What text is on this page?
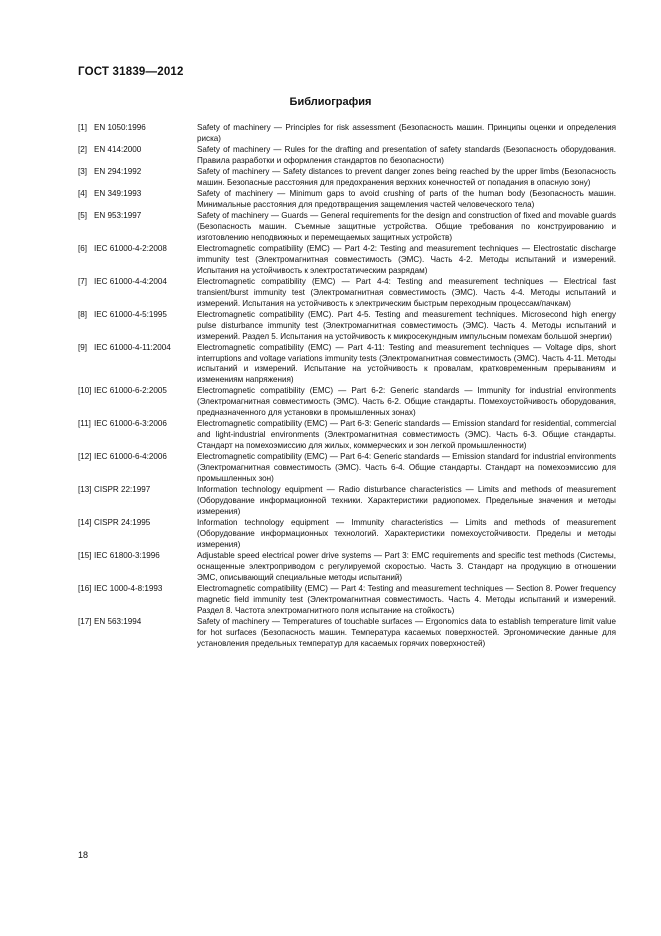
ГОСТ 31839—2012
Библиография
[1] EN 1050:1996	Safety of machinery — Principles for risk assessment (Безопасность машин. Принципы оценки и определения риска)
[2] EN 414:2000	Safety of machinery — Rules for the drafting and presentation of safety standards (Безопасность оборудования. Правила разработки и оформления стандартов по безопасности)
[3] EN 294:1992	Safety of machinery — Safety distances to prevent danger zones being reached by the upper limbs (Безопасность машин. Безопасные расстояния для предохранения верхних конечностей от попадания в опасную зону)
[4] EN 349:1993	Safety of machinery — Minimum gaps to avoid crushing of parts of the human body (Безопасность машин. Минимальные расстояния для предотвращения защемления частей человеческого тела)
[5] EN 953:1997	Safety of machinery — Guards — General requirements for the design and construction of fixed and movable guards (Безопасность машин. Съемные защитные устройства. Общие требования по конструированию и изготовлению неподвижных и перемещаемых защитных устройств)
[6] IEC 61000-4-2:2008	Electromagnetic compatibility (EMC) — Part 4-2: Testing and measurement techniques — Electrostatic discharge immunity test (Электромагнитная совместимость (ЭМС). Часть 4-2. Методы испытаний и измерений. Испытания на устойчивость к электростатическим разрядам)
[7] IEC 61000-4-4:2004	Electromagnetic compatibility (EMC) — Part 4-4: Testing and measurement techniques — Electrical fast transient/burst immunity test (Электромагнитная совместимость (ЭМС). Часть 4-4. Методы испытаний и измерений. Испытания на устойчивость к электрическим быстрым переходным процессам/пачкам)
[8] IEC 61000-4-5:1995	Electromagnetic compatibility (EMC). Part 4-5. Testing and measurement techniques. Microsecond high energy pulse disturbance immunity test (Электромагнитная совместимость (ЭМС). Часть 4. Методы испытаний и измерений. Раздел 5. Испытания на устойчивость к микросекундным импульсным помехам большой энергии)
[9] IEC 61000-4-11:2004	Electromagnetic compatibility (EMC) — Part 4-11: Testing and measurement techniques — Voltage dips, short interruptions and voltage variations immunity tests (Электромагнитная совместимость (ЭМС). Часть 4-11. Методы испытаний и измерений. Испытание на устойчивость к провалам, кратковременным прерываниям и изменениям напряжения)
[10] IEC 61000-6-2:2005	Electromagnetic compatibility (EMC) — Part 6-2: Generic standards — Immunity for industrial environments (Электромагнитная совместимость (ЭМС). Часть 6-2. Общие стандарты. Помехоустойчивость оборудования, предназначенного для установки в промышленных зонах)
[11] IEC 61000-6-3:2006	Electromagnetic compatibility (EMC) — Part 6-3: Generic standards — Emission standard for residential, commercial and light-industrial environments (Электромагнитная совместимость (ЭМС). Часть 6-3. Общие стандарты. Стандарт на помехоэмиссию для жилых, коммерческих и зон легкой промышленности)
[12] IEC 61000-6-4:2006	Electromagnetic compatibility (EMC) — Part 6-4: Generic standards — Emission standard for industrial environments (Электромагнитная совместимость (ЭМС). Часть 6-4. Общие стандарты. Стандарт на помехоэмиссию для промышленных зон)
[13] CISPR 22:1997	Information technology equipment — Radio disturbance characteristics — Limits and methods of measurement (Оборудование информационной техники. Характеристики радиопомех. Предельные значения и методы измерения)
[14] CISPR 24:1995	Information technology equipment — Immunity characteristics — Limits and methods of measurement (Оборудование информационных технологий. Характеристики помехоустойчивости. Пределы и методы измерения)
[15] IEC 61800-3:1996	Adjustable speed electrical power drive systems — Part 3: EMC requirements and specific test methods (Системы, оснащенные электроприводом с регулируемой скоростью. Часть 3. Стандарт на продукцию в отношении ЭМС, описывающий специальные методы испытаний)
[16] IEC 1000-4-8:1993	Electromagnetic compatibility (EMC) — Part 4: Testing and measurement techniques — Section 8. Power frequency magnetic field immunity test (Электромагнитная совместимость. Часть 4. Методы испытаний и измерений. Раздел 8. Частота электромагнитного поля испытание на стойкость)
[17] EN 563:1994	Safety of machinery — Temperatures of touchable surfaces — Ergonomics data to establish temperature limit value for hot surfaces (Безопасность машин. Температура касаемых поверхностей. Эргономические данные для установления предельных температур для касаемых горячих поверхностей)
18
